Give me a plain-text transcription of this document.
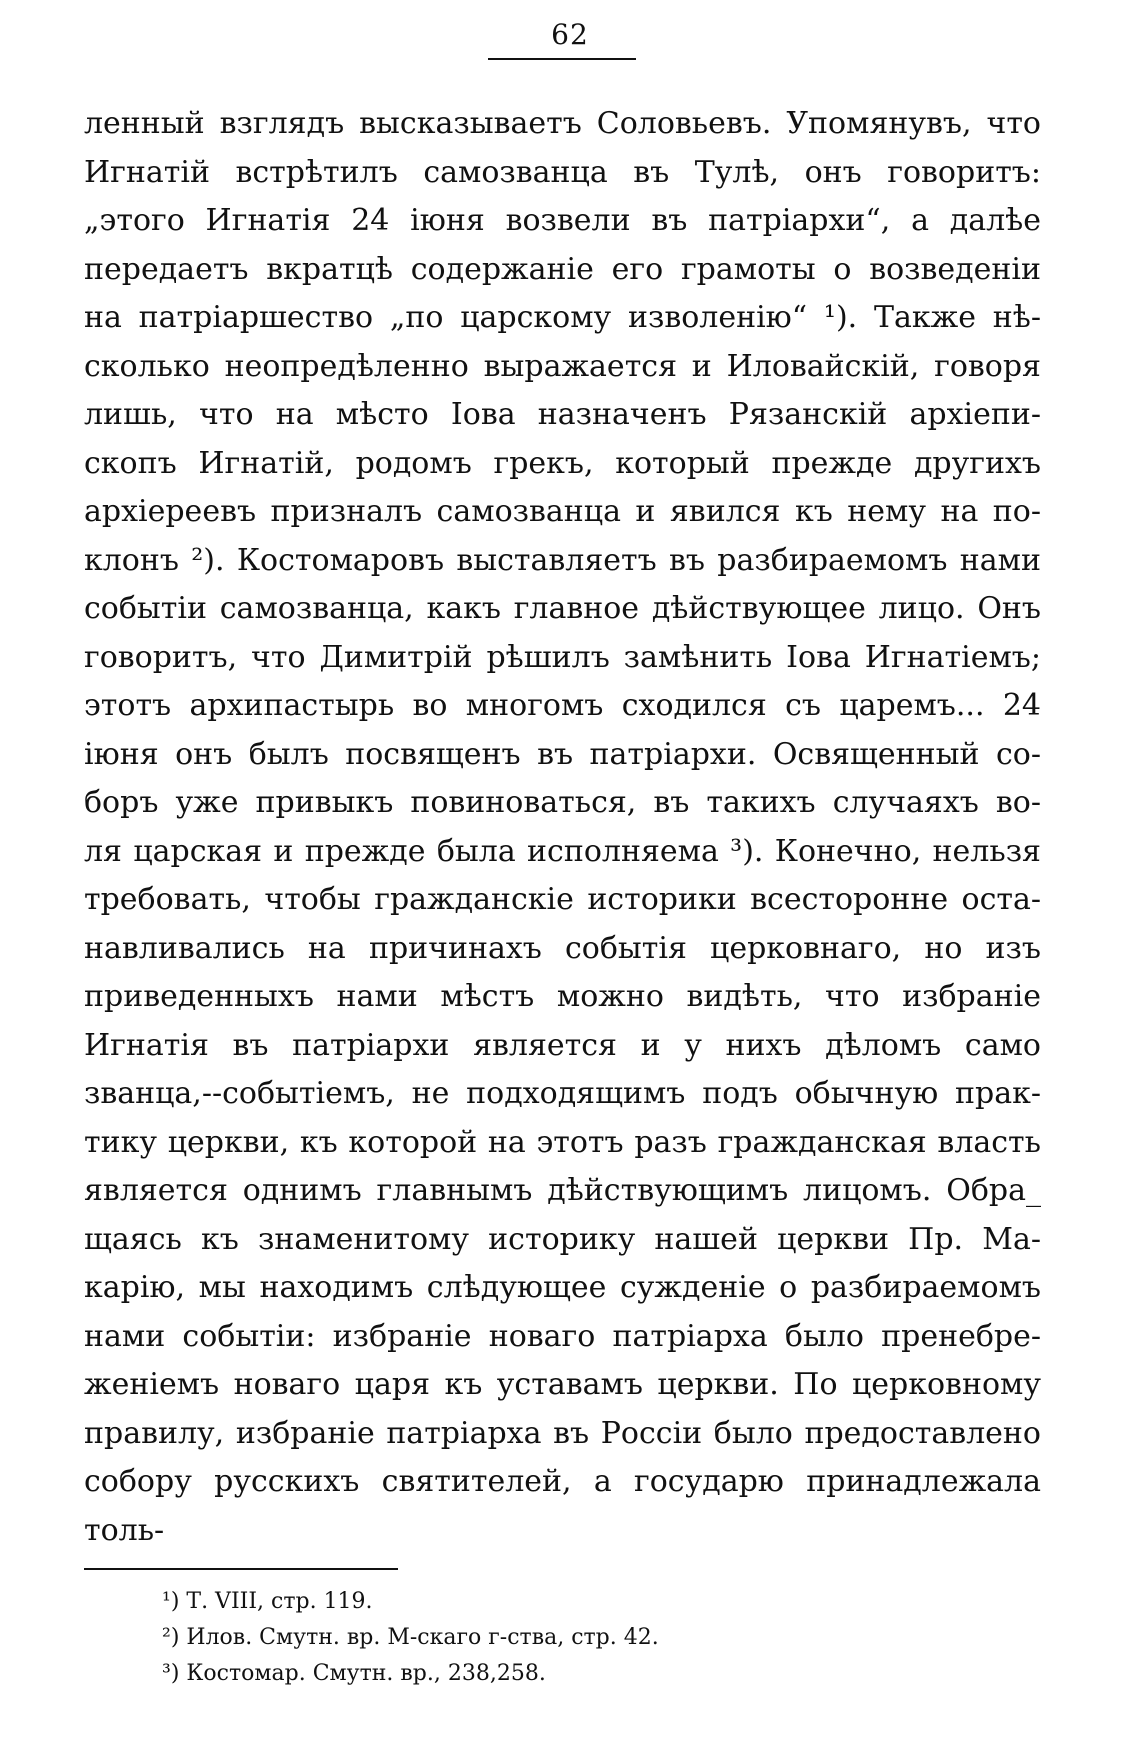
62
ленный взглядъ высказываетъ Соловьевъ. Упомянувъ, что
Игнатій встрѣтилъ самозванца въ Тулѣ, онъ говоритъ:
„этого Игнатія 24 іюня возвели въ патріархи“, а далѣе
передаетъ вкратцѣ содержаніе его грамоты о возведеніи
на патріаршество „по царскому изволенію“ ¹). Также нѣ-
сколько неопредѣленно выражается и Иловайскій, говоря
лишь, что на мѣсто Іова назначенъ Рязанскій архіепи-
скопъ Игнатій, родомъ грекъ, который прежде другихъ
архіереевъ призналъ самозванца и явился къ нему на по-
клонъ ²). Костомаровъ выставляетъ въ разбираемомъ нами
событіи самозванца, какъ главное дѣйствующее лицо. Онъ
говоритъ, что Димитрій рѣшилъ замѣнить Іова Игнатіемъ;
этотъ архипастырь во многомъ сходился съ царемъ... 24
іюня онъ былъ посвященъ въ патріархи. Освященный со-
боръ уже привыкъ повиноваться, въ такихъ случаяхъ во-
ля царская и прежде была исполняема ³). Конечно, нельзя
требовать, чтобы гражданскіе историки всесторонне оста-
навливались на причинахъ событія церковнаго, но изъ
приведенныхъ нами мѣстъ можно видѣть, что избраніе
Игнатія въ патріархи является и у нихъ дѣломъ само
званца,--событіемъ, не подходящимъ подъ обычную прак-
тику церкви, къ которой на этотъ разъ гражданская власть
является однимъ главнымъ дѣйствующимъ лицомъ. Обра_
щаясь къ знаменитому историку нашей церкви Пр. Ма-
карію, мы находимъ слѣдующее сужденіе о разбираемомъ
нами событіи: избраніе новаго патріарха было пренебре-
женіемъ новаго царя къ уставамъ церкви. По церковному
правилу, избраніе патріарха въ Россіи было предоставлено
собору русскихъ святителей, а государю принадлежала толь-
¹) Т. VIII, стр. 119.
²) Илов. Смутн. вр. М-скаго г-ства, стр. 42.
³) Костомар. Смутн. вр., 238,258.
